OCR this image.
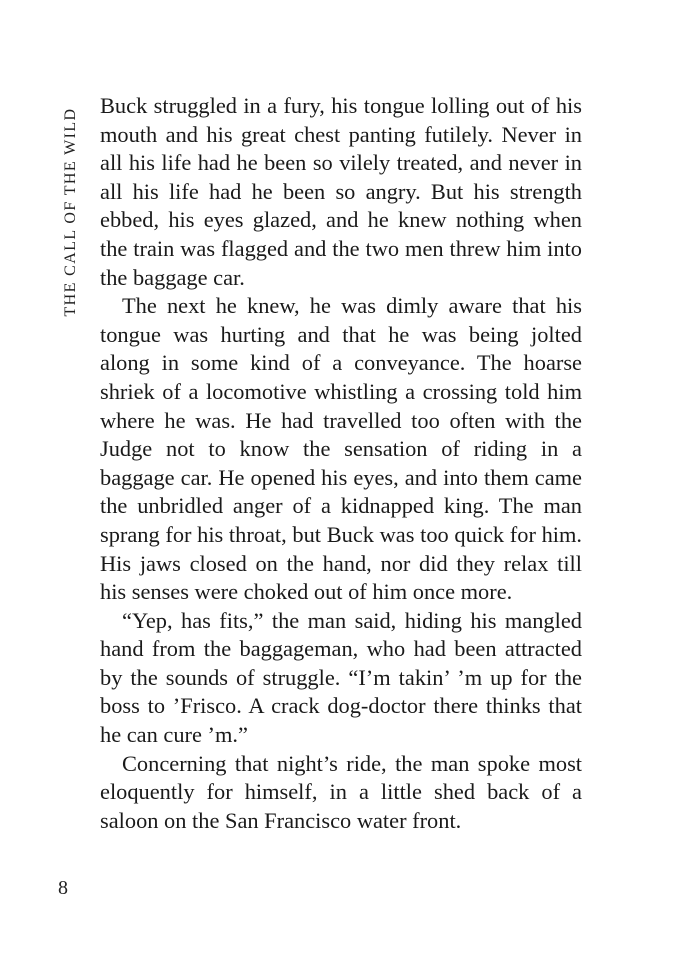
THE CALL OF THE WILD

Buck struggled in a fury, his tongue lolling out of his mouth and his great chest panting futilely. Never in all his life had he been so vilely treated, and never in all his life had he been so angry. But his strength ebbed, his eyes glazed, and he knew nothing when the train was flagged and the two men threw him into the baggage car.

The next he knew, he was dimly aware that his tongue was hurting and that he was being jolted along in some kind of a conveyance. The hoarse shriek of a locomotive whistling a crossing told him where he was. He had travelled too often with the Judge not to know the sensation of riding in a baggage car. He opened his eyes, and into them came the unbridled anger of a kidnapped king. The man sprang for his throat, but Buck was too quick for him. His jaws closed on the hand, nor did they relax till his senses were choked out of him once more.

“Yep, has fits,” the man said, hiding his mangled hand from the baggageman, who had been attracted by the sounds of struggle. “I’m takin’ ’m up for the boss to ’Frisco. A crack dog-doctor there thinks that he can cure ’m.”

Concerning that night’s ride, the man spoke most eloquently for himself, in a little shed back of a saloon on the San Francisco water front.

8
